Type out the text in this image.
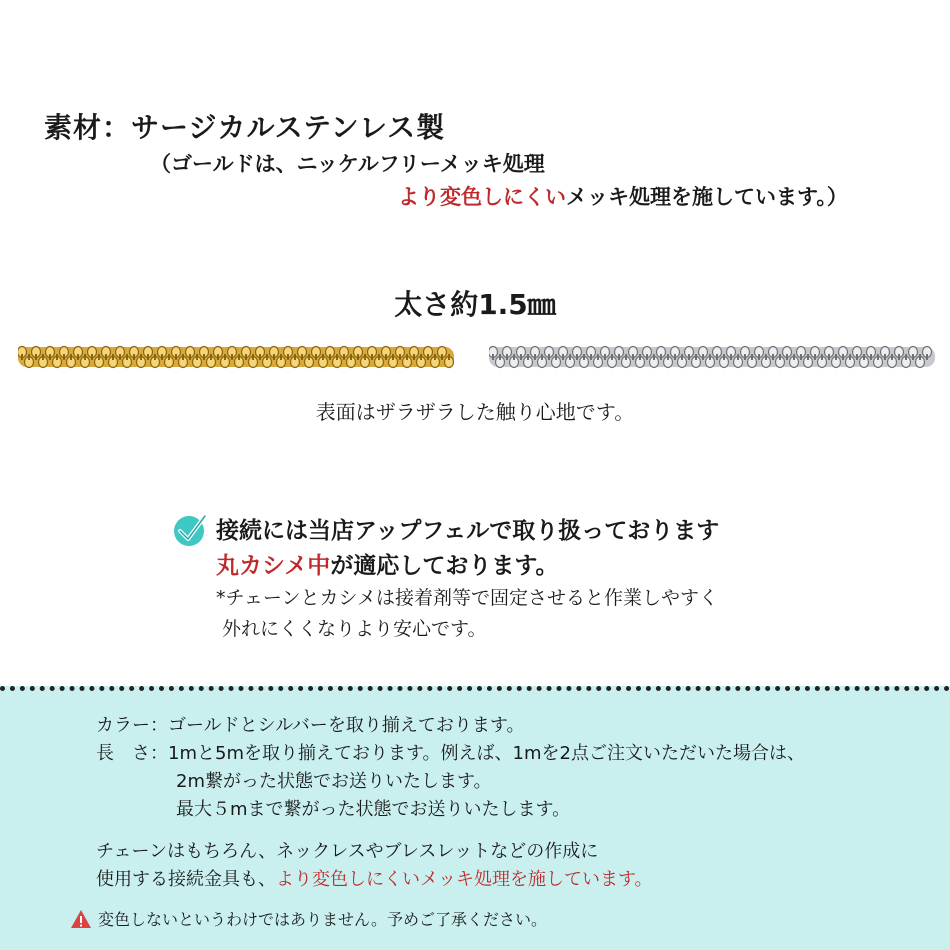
素材：サージカルステンレス製
（ゴールドは、ニッケルフリーメッキ処理
より変色しにくいメッキ処理を施しています。）
太さ約1.5㎜
表面はザラザラした触り心地です。
接続には当店アップフェルで取り扱っております
丸カシメ中が適応しております。
*チェーンとカシメは接着剤等で固定させると作業しやすく
外れにくくなりより安心です。
カラー：ゴールドとシルバーを取り揃えております。
長　さ：1mと5mを取り揃えております。例えば、1mを2点ご注文いただいた場合は、
2m繋がった状態でお送りいたします。
最大５mまで繋がった状態でお送りいたします。
チェーンはもちろん、ネックレスやブレスレットなどの作成に
使用する接続金具も、より変色しにくいメッキ処理を施しています。
変色しないというわけではありません。予めご了承ください。
